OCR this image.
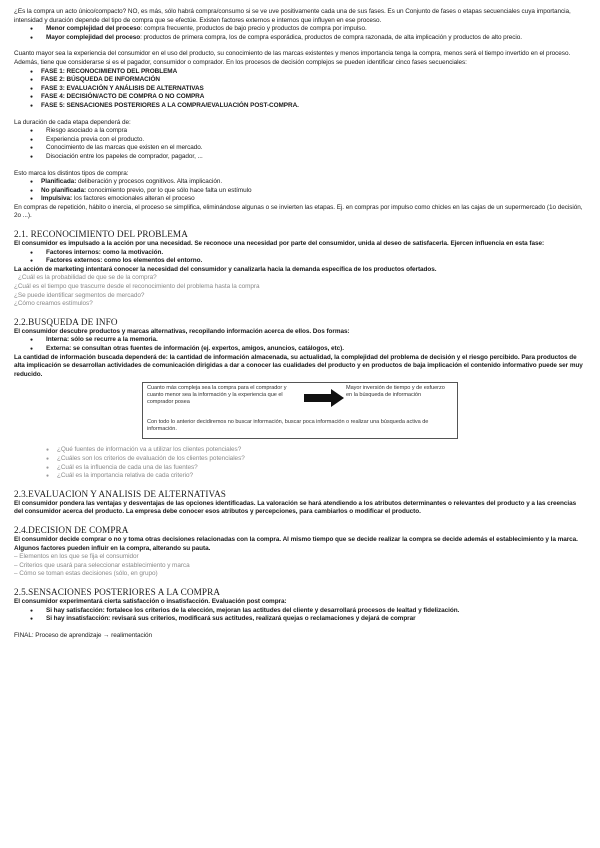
¿Es la compra un acto único/compacto? NO, es más, sólo habrá compra/consumo si se ve uve positivamente cada una de sus fases. Es un Conjunto de fases o etapas secuenciales cuya importancia, intensidad y duración depende del tipo de compra que se efectúe. Existen factores externos e internos que influyen en ese proceso.

● Menor complejidad del proceso: compra frecuente, productos de bajo precio y productos de compra por impulso.
● Mayor complejidad del proceso: productos de primera compra, los de compra esporádica, productos de compra razonada, de alta implicación y productos de alto precio.

Cuanto mayor sea la experiencia del consumidor en el uso del producto, su conocimiento de las marcas existentes y menos importancia tenga la compra, menos será el tiempo invertido en el proceso. Además, tiene que considerarse si es el pagador, consumidor o comprador. En los procesos de decisión complejos se pueden identificar cinco fases secuenciales:

● FASE 1: RECONOCIMIENTO DEL PROBLEMA
● FASE 2: BÚSQUEDA DE INFORMACIÓN
● FASE 3: EVALUACIÓN Y ANÁLISIS DE ALTERNATIVAS
● FASE 4: DECISIÓN/ACTO DE COMPRA O NO COMPRA
● FASE 5: SENSACIONES POSTERIORES A LA COMPRA/EVALUACIÓN POST-COMPRA.

La duración de cada etapa dependerá de:

● Riesgo asociado a la compra
● Experiencia previa con el producto.
● Conocimiento de las marcas que existen en el mercado.
● Disociación entre los papeles de comprador, pagador, ...

Esto marca los distintos tipos de compra:

● Planificada: deliberación y procesos cognitivos. Alta implicación.
● No planificada: conocimiento previo, por lo que sólo hace falta un estímulo
● Impulsiva: los factores emocionales alteran el proceso

En compras de repetición, hábito o inercia, el proceso se simplifica, eliminándose algunas o se invierten las etapas. Ej. en compras por impulso como chicles en las cajas de un supermercado (1o decisión, 2o ...).

2.1. RECONOCIMIENTO DEL PROBLEMA

El consumidor es impulsado a la acción por una necesidad. Se reconoce una necesidad por parte del consumidor, unida al deseo de satisfacerla. Ejercen influencia en esta fase:

● Factores internos: como la motivación.
● Factores externos: como los elementos del entorno.

La acción de marketing intentará conocer la necesidad del consumidor y canalizarla hacia la demanda específica de los productos ofertados.

¿Cuál es la probabilidad de que se de la compra?

¿Cuál es el tiempo que trascurre desde el reconocimiento del problema hasta la compra

¿Se puede identificar segmentos de mercado?

¿Cómo creamos estímulos?

2.2.BUSQUEDA DE INFO

El consumidor descubre productos y marcas alternativas, recopilando información acerca de ellos. Dos formas:

● Interna: sólo se recurre a la memoria.
● Externa: se consultan otras fuentes de información (ej. expertos, amigos, anuncios, catálogos, etc).

La cantidad de información buscada dependerá de: la cantidad de información almacenada, su actualidad, la complejidad del problema de decisión y el riesgo percibido. Para productos de alta implicación se desarrollan actividades de comunicación dirigidas a dar a conocer las cualidades del producto y en productos de baja implicación el contenido informativo puede ser muy reducido.

Cuanto más compleja sea la compra para el comprador y cuanto menor sea la información y la experiencia que el comprador posea
Mayor inversión de tiempo y de esfuerzo en la búsqueda de información
Con todo lo anterior decidiremos no buscar información, buscar poca información o realizar una búsqueda activa de información.
● ¿Qué fuentes de información va a utilizar los clientes potenciales?
● ¿Cuáles son los criterios de evaluación de los clientes potenciales?
● ¿Cuál es la influencia de cada una de las fuentes?
● ¿Cuál es la importancia relativa de cada criterio?
2.3.EVALUACION Y ANALISIS DE ALTERNATIVAS

El consumidor pondera las ventajas y desventajas de las opciones identificadas. La valoración se hará atendiendo a los atributos determinantes o relevantes del producto y a las creencias del consumidor acerca del producto. La empresa debe conocer esos atributos y percepciones, para cambiarlos o modificar el producto.

2.4.DECISION DE COMPRA

El consumidor decide comprar o no y toma otras decisiones relacionadas con la compra. Al mismo tiempo que se decide realizar la compra se decide además el establecimiento y la marca. Algunos factores pueden influir en la compra, alterando su pauta.

– Elementos en los que se fija el consumidor

– Criterios que usará para seleccionar establecimiento y marca

– Cómo se toman estas decisiones (sólo, en grupo)

2.5.SENSACIONES POSTERIORES A LA COMPRA

El consumidor experimentará cierta satisfacción o insatisfacción. Evaluación post compra:

● Si hay satisfacción: fortalece los criterios de la elección, mejoran las actitudes del cliente y desarrollará procesos de lealtad y fidelización.
● Si hay insatisfacción: revisará sus criterios, modificará sus actitudes, realizará quejas o reclamaciones y dejará de comprar

FINAL: Proceso de aprendizaje → realimentación
